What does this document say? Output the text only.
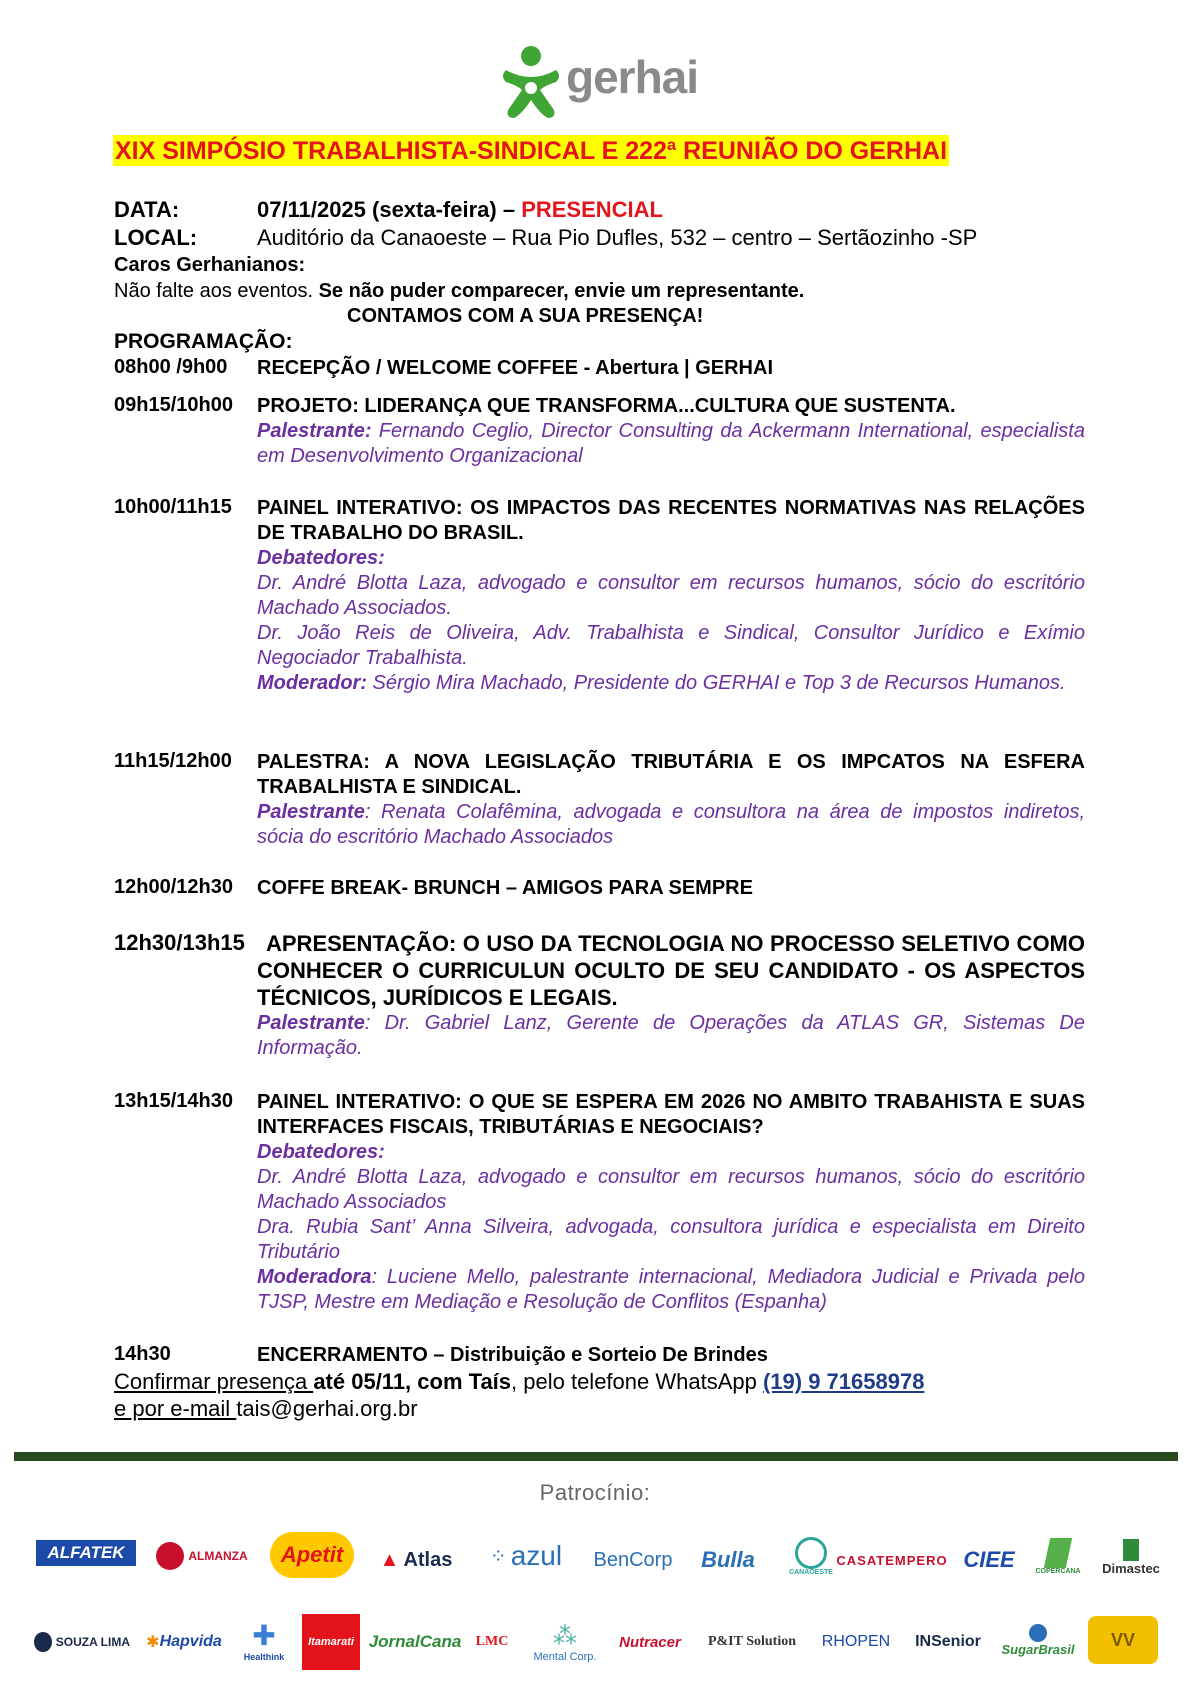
gerhai
XIX SIMPÓSIO TRABALHISTA-SINDICAL E 222ª REUNIÃO DO GERHAI
DATA:	07/11/2025 (sexta-feira) – PRESENCIAL
LOCAL:	Auditório da Canaoeste – Rua Pio Dufles, 532 – centro – Sertãozinho -SP
Caros Gerhanianos:
Não falte aos eventos. Se não puder comparecer, envie um representante.
CONTAMOS COM A SUA PRESENÇA!
PROGRAMAÇÃO:
08h00 /9h00 RECEPÇÃO / WELCOME COFFEE - Abertura | GERHAI
09h15/10h00 PROJETO: LIDERANÇA QUE TRANSFORMA...CULTURA QUE SUSTENTA.
Palestrante: Fernando Ceglio, Director Consulting da Ackermann International, especialista em Desenvolvimento Organizacional
10h00/11h15 PAINEL INTERATIVO: OS IMPACTOS DAS RECENTES NORMATIVAS NAS RELAÇÕES DE TRABALHO DO BRASIL.
Debatedores:
Dr. André Blotta Laza, advogado e consultor em recursos humanos, sócio do escritório Machado Associados.
Dr. João Reis de Oliveira, Adv. Trabalhista e Sindical, Consultor Jurídico e Exímio Negociador Trabalhista.
Moderador: Sérgio Mira Machado, Presidente do GERHAI e Top 3 de Recursos Humanos.
11h15/12h00 PALESTRA: A NOVA LEGISLAÇÃO TRIBUTÁRIA E OS IMPCATOS NA ESFERA TRABALHISTA E SINDICAL.
Palestrante: Renata Colafêmina, advogada e consultora na área de impostos indiretos, sócia do escritório Machado Associados
12h00/12h30 COFFE BREAK- BRUNCH – AMIGOS PARA SEMPRE
12h30/13h15 APRESENTAÇÃO: O USO DA TECNOLOGIA NO PROCESSO SELETIVO COMO CONHECER O CURRICULUN OCULTO DE SEU CANDIDATO - OS ASPECTOS TÉCNICOS, JURÍDICOS E LEGAIS.
Palestrante: Dr. Gabriel Lanz, Gerente de Operações da ATLAS GR, Sistemas De Informação.
13h15/14h30 PAINEL INTERATIVO: O QUE SE ESPERA EM 2026 NO AMBITO TRABAHISTA E SUAS INTERFACES FISCAIS, TRIBUTÁRIAS E NEGOCIAIS?
Debatedores:
Dr. André Blotta Laza, advogado e consultor em recursos humanos, sócio do escritório Machado Associados
Dra. Rubia Sant’ Anna Silveira, advogada, consultora jurídica e especialista em Direito Tributário
Moderadora: Luciene Mello, palestrante internacional, Mediadora Judicial e Privada pelo TJSP, Mestre em Mediação e Resolução de Conflitos (Espanha)
14h30	ENCERRAMENTO – Distribuição e Sorteio De Brindes
Confirmar presença até 05/11, com Taís, pelo telefone WhatsApp (19) 9 71658978
e por e-mail tais@gerhai.org.br
Patrocínio:
ALFATEK	ALMANZA	Apetit	▲ Atlas ⁘ azul BenCorp	Bulla	CANAOESTE
CASATEMPERO CIEE	COPERCANA Dimastec
SOUZA LIMA ✱ Hapvida ✚
Healthink
Itamarati JornalCana	LMC ⁂
Mental Corp.
Nutracer	P&IT Solution	RHOPEN	INSenior	SugarBrasil	VV
